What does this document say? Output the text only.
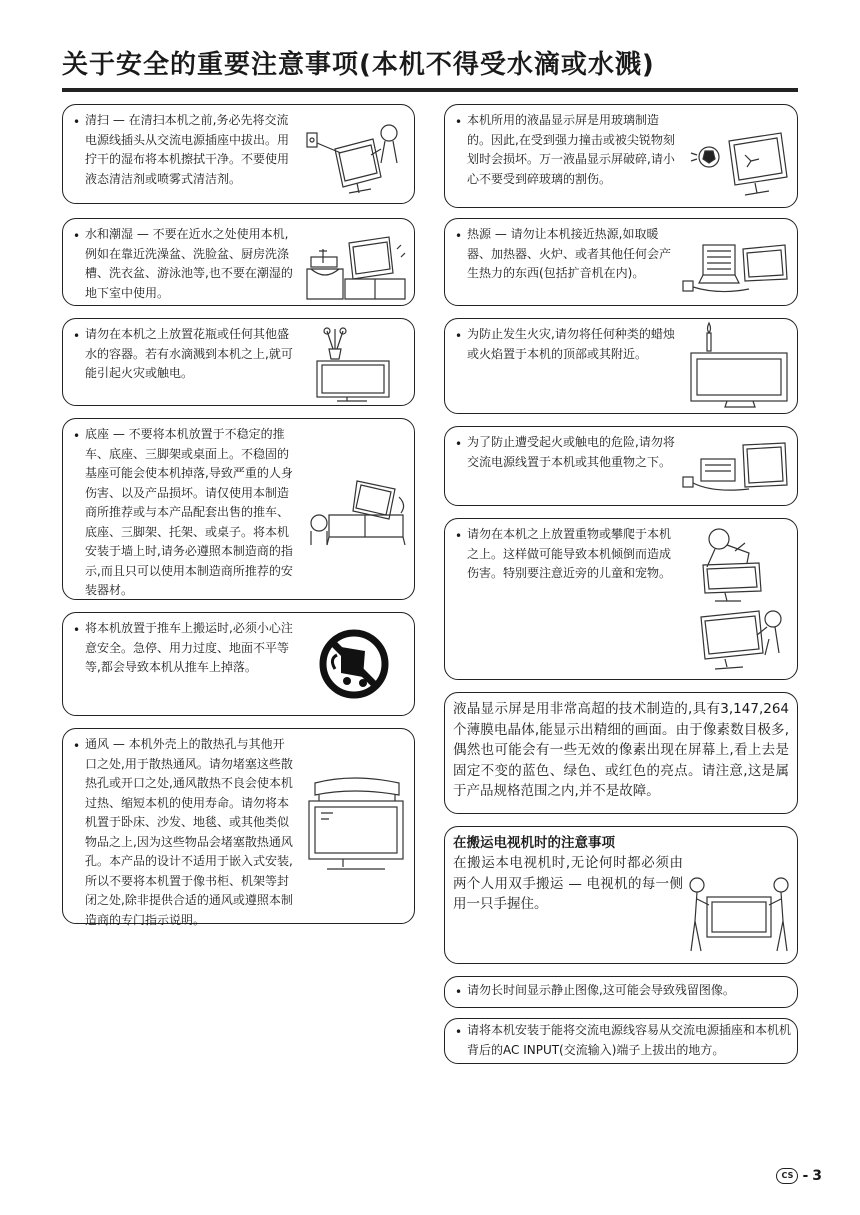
关于安全的重要注意事项(本机不得受水滴或水溅)
• 清扫 — 在清扫本机之前,务必先将交流电源线插头从交流电源插座中拔出。用拧干的湿布将本机擦拭干净。不要使用液态清洁剂或喷雾式清洁剂。
• 水和潮湿 — 不要在近水之处使用本机,例如在靠近洗澡盆、洗脸盆、厨房洗涤槽、洗衣盆、游泳池等,也不要在潮湿的地下室中使用。
• 请勿在本机之上放置花瓶或任何其他盛水的容器。若有水滴溅到本机之上,就可能引起火灾或触电。
• 底座 — 不要将本机放置于不稳定的推车、底座、三脚架或桌面上。不稳固的基座可能会使本机掉落,导致严重的人身伤害、以及产品损坏。请仅使用本制造商所推荐或与本产品配套出售的推车、底座、三脚架、托架、或桌子。将本机安装于墙上时,请务必遵照本制造商的指示,而且只可以使用本制造商所推荐的安装器材。
• 将本机放置于推车上搬运时,必须小心注意安全。急停、用力过度、地面不平等等,都会导致本机从推车上掉落。
• 通风 — 本机外壳上的散热孔与其他开口之处,用于散热通风。请勿堵塞这些散热孔或开口之处,通风散热不良会使本机过热、缩短本机的使用寿命。请勿将本机置于卧床、沙发、地毯、或其他类似物品之上,因为这些物品会堵塞散热通风孔。本产品的设计不适用于嵌入式安装,所以不要将本机置于像书柜、机架等封闭之处,除非提供合适的通风或遵照本制造商的专门指示说明。
• 本机所用的液晶显示屏是用玻璃制造的。因此,在受到强力撞击或被尖锐物刻划时会损坏。万一液晶显示屏破碎,请小心不要受到碎玻璃的割伤。
• 热源 — 请勿让本机接近热源,如取暖器、加热器、火炉、或者其他任何会产生热力的东西(包括扩音机在内)。
• 为防止发生火灾,请勿将任何种类的蜡烛或火焰置于本机的顶部或其附近。
• 为了防止遭受起火或触电的危险,请勿将交流电源线置于本机或其他重物之下。
• 请勿在本机之上放置重物或攀爬于本机之上。这样做可能导致本机倾倒而造成伤害。特别要注意近旁的儿童和宠物。
液晶显示屏是用非常高超的技术制造的,具有3,147,264个薄膜电晶体,能显示出精细的画面。由于像素数目极多,偶然也可能会有一些无效的像素出现在屏幕上,看上去是固定不变的蓝色、绿色、或红色的亮点。请注意,这是属于产品规格范围之内,并不是故障。
在搬运电视机时的注意事项
在搬运本电视机时,无论何时都必须由两个人用双手搬运 — 电视机的每一侧用一只手握住。
• 请勿长时间显示静止图像,这可能会导致残留图像。
• 请将本机安装于能将交流电源线容易从交流电源插座和本机机背后的AC INPUT(交流输入)端子上拔出的地方。
CS - 3
